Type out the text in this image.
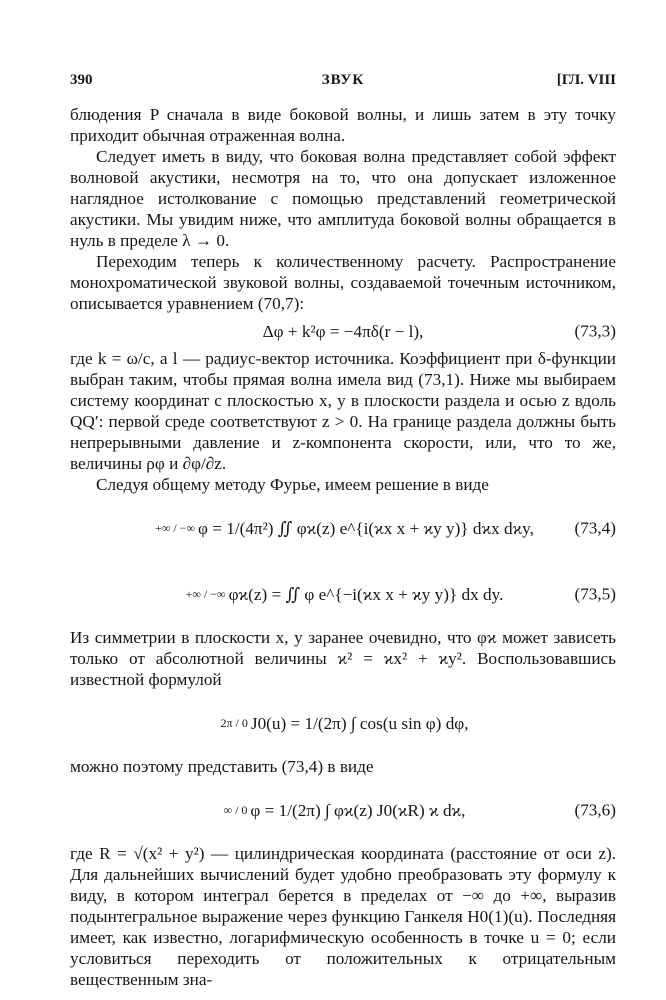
390	ЗВУК	[ГЛ. VIII

блюдения P сначала в виде боковой волны, и лишь затем в эту точку приходит обычная отраженная волна.

Следует иметь в виду, что боковая волна представляет собой эффект волновой акустики, несмотря на то, что она допускает изложенное наглядное истолкование с помощью представлений геометрической акустики. Мы увидим ниже, что амплитуда боковой волны обращается в нуль в пределе λ → 0.

Переходим теперь к количественному расчету. Распространение монохроматической звуковой волны, создаваемой точечным источником, описывается уравнением (70,7):

Δφ + k²φ = −4πδ(r − l),	(73,3)

где k = ω/c, a l — радиус-вектор источника. Коэффициент при δ-функции выбран таким, чтобы прямая волна имела вид (73,1). Ниже мы выбираем систему координат с плоскостью x, y в плоскости раздела и осью z вдоль QQ′: первой среде соответствуют z > 0. На границе раздела должны быть непрерывными давление и z-компонента скорости, или, что то же, величины ρφ и ∂φ/∂z.

Следуя общему методу Фурье, имеем решение в виде

+∞ / −∞ φ = 1/(4π²) ∬ φϰ(z) e^{i(ϰx x + ϰy y)} dϰx dϰy, (73,4)
+∞ / −∞ φϰ(z) = ∬ φ e^{−i(ϰx x + ϰy y)} dx dy.	(73,5)

Из симметрии в плоскости x, y заранее очевидно, что φϰ может зависеть только от абсолютной величины ϰ² = ϰx² + ϰy². Воспользовавшись известной формулой

2π / 0 J0(u) = 1/(2π) ∫ cos(u sin φ) dφ,

можно поэтому представить (73,4) в виде

∞ / 0 φ = 1/(2π) ∫ φϰ(z) J0(ϰR) ϰ dϰ,	(73,6)

где R = √(x² + y²) — цилиндрическая координата (расстояние от оси z). Для дальнейших вычислений будет удобно преобразовать эту формулу к виду, в котором интеграл берется в пределах от −∞ до +∞, выразив подынтегральное выражение через функцию Ганкеля H0(1)(u). Последняя имеет, как известно, логарифмическую особенность в точке u = 0; если условиться переходить от положительных к отрицательным вещественным зна-
